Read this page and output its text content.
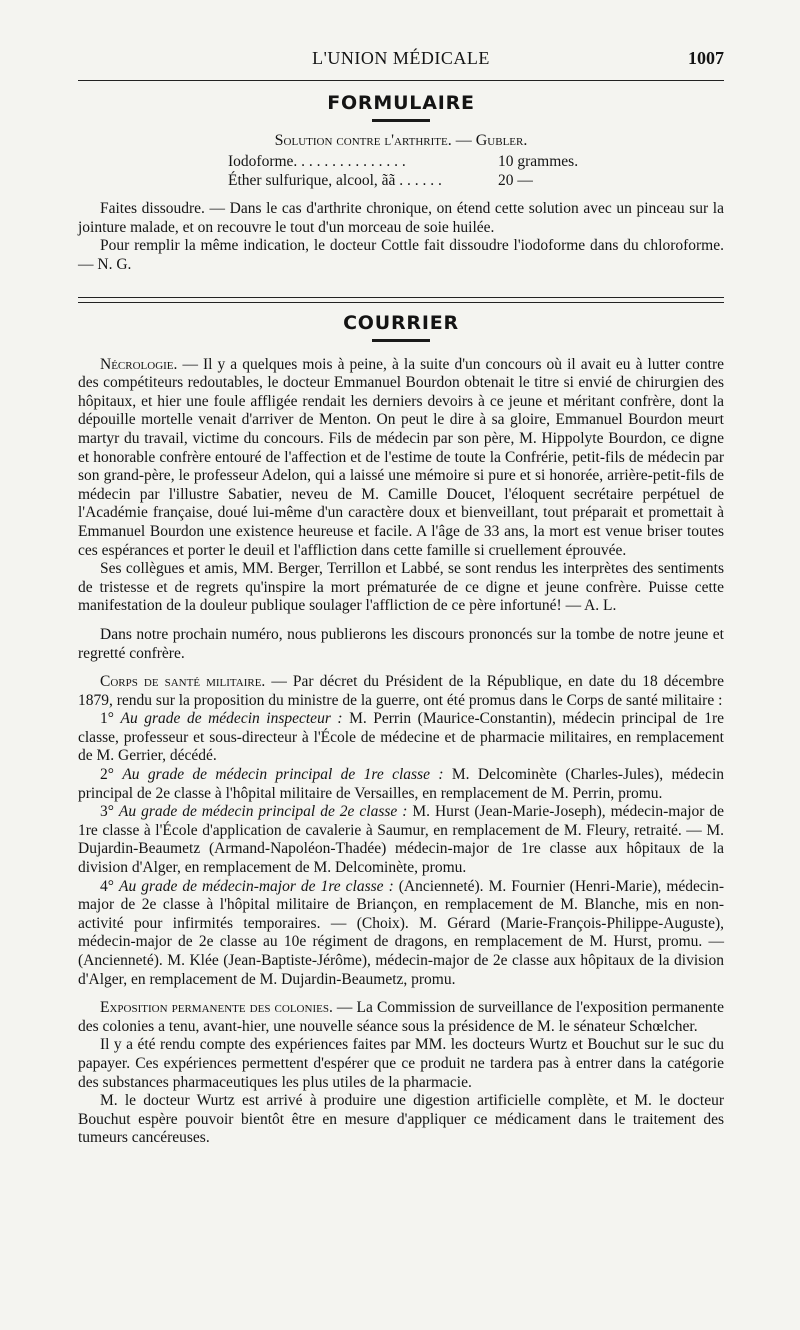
L'UNION MÉDICALE	1007
FORMULAIRE
Solution contre l'arthrite. — Gubler.
Iodoforme. . . . . . . . . . . . . . .	10 grammes.
Éther sulfurique, alcool, ãã . . . . . .	20 —

Faites dissoudre. — Dans le cas d'arthrite chronique, on étend cette solution avec un pinceau sur la jointure malade, et on recouvre le tout d'un morceau de soie huilée.

Pour remplir la même indication, le docteur Cottle fait dissoudre l'iodoforme dans du chloroforme. — N. G.

COURRIER

Nécrologie. — Il y a quelques mois à peine, à la suite d'un concours où il avait eu à lutter contre des compétiteurs redoutables, le docteur Emmanuel Bourdon obtenait le titre si envié de chirurgien des hôpitaux, et hier une foule affligée rendait les derniers devoirs à ce jeune et méritant confrère, dont la dépouille mortelle venait d'arriver de Menton. On peut le dire à sa gloire, Emmanuel Bourdon meurt martyr du travail, victime du concours. Fils de médecin par son père, M. Hippolyte Bourdon, ce digne et honorable confrère entouré de l'affection et de l'estime de toute la Confrérie, petit-fils de médecin par son grand-père, le professeur Adelon, qui a laissé une mémoire si pure et si honorée, arrière-petit-fils de médecin par l'illustre Sabatier, neveu de M. Camille Doucet, l'éloquent secrétaire perpétuel de l'Académie française, doué lui-même d'un caractère doux et bienveillant, tout préparait et promettait à Emmanuel Bourdon une existence heureuse et facile. A l'âge de 33 ans, la mort est venue briser toutes ces espérances et porter le deuil et l'affliction dans cette famille si cruellement éprouvée.

Ses collègues et amis, MM. Berger, Terrillon et Labbé, se sont rendus les interprètes des sentiments de tristesse et de regrets qu'inspire la mort prématurée de ce digne et jeune confrère. Puisse cette manifestation de la douleur publique soulager l'affliction de ce père infortuné! — A. L.

Dans notre prochain numéro, nous publierons les discours prononcés sur la tombe de notre jeune et regretté confrère.

Corps de santé militaire. — Par décret du Président de la République, en date du 18 décembre 1879, rendu sur la proposition du ministre de la guerre, ont été promus dans le Corps de santé militaire :

1° Au grade de médecin inspecteur : M. Perrin (Maurice-Constantin), médecin principal de 1re classe, professeur et sous-directeur à l'École de médecine et de pharmacie militaires, en remplacement de M. Gerrier, décédé.

2° Au grade de médecin principal de 1re classe : M. Delcominète (Charles-Jules), médecin principal de 2e classe à l'hôpital militaire de Versailles, en remplacement de M. Perrin, promu.

3° Au grade de médecin principal de 2e classe : M. Hurst (Jean-Marie-Joseph), médecin-major de 1re classe à l'École d'application de cavalerie à Saumur, en remplacement de M. Fleury, retraité. — M. Dujardin-Beaumetz (Armand-Napoléon-Thadée) médecin-major de 1re classe aux hôpitaux de la division d'Alger, en remplacement de M. Delcominète, promu.

4° Au grade de médecin-major de 1re classe : (Ancienneté). M. Fournier (Henri-Marie), médecin-major de 2e classe à l'hôpital militaire de Briançon, en remplacement de M. Blanche, mis en non-activité pour infirmités temporaires. — (Choix). M. Gérard (Marie-François-Philippe-Auguste), médecin-major de 2e classe au 10e régiment de dragons, en remplacement de M. Hurst, promu. — (Ancienneté). M. Klée (Jean-Baptiste-Jérôme), médecin-major de 2e classe aux hôpitaux de la division d'Alger, en remplacement de M. Dujardin-Beaumetz, promu.

Exposition permanente des colonies. — La Commission de surveillance de l'exposition permanente des colonies a tenu, avant-hier, une nouvelle séance sous la présidence de M. le sénateur Schœlcher.

Il y a été rendu compte des expériences faites par MM. les docteurs Wurtz et Bouchut sur le suc du papayer. Ces expériences permettent d'espérer que ce produit ne tardera pas à entrer dans la catégorie des substances pharmaceutiques les plus utiles de la pharmacie.

M. le docteur Wurtz est arrivé à produire une digestion artificielle complète, et M. le docteur Bouchut espère pouvoir bientôt être en mesure d'appliquer ce médicament dans le traitement des tumeurs cancéreuses.
